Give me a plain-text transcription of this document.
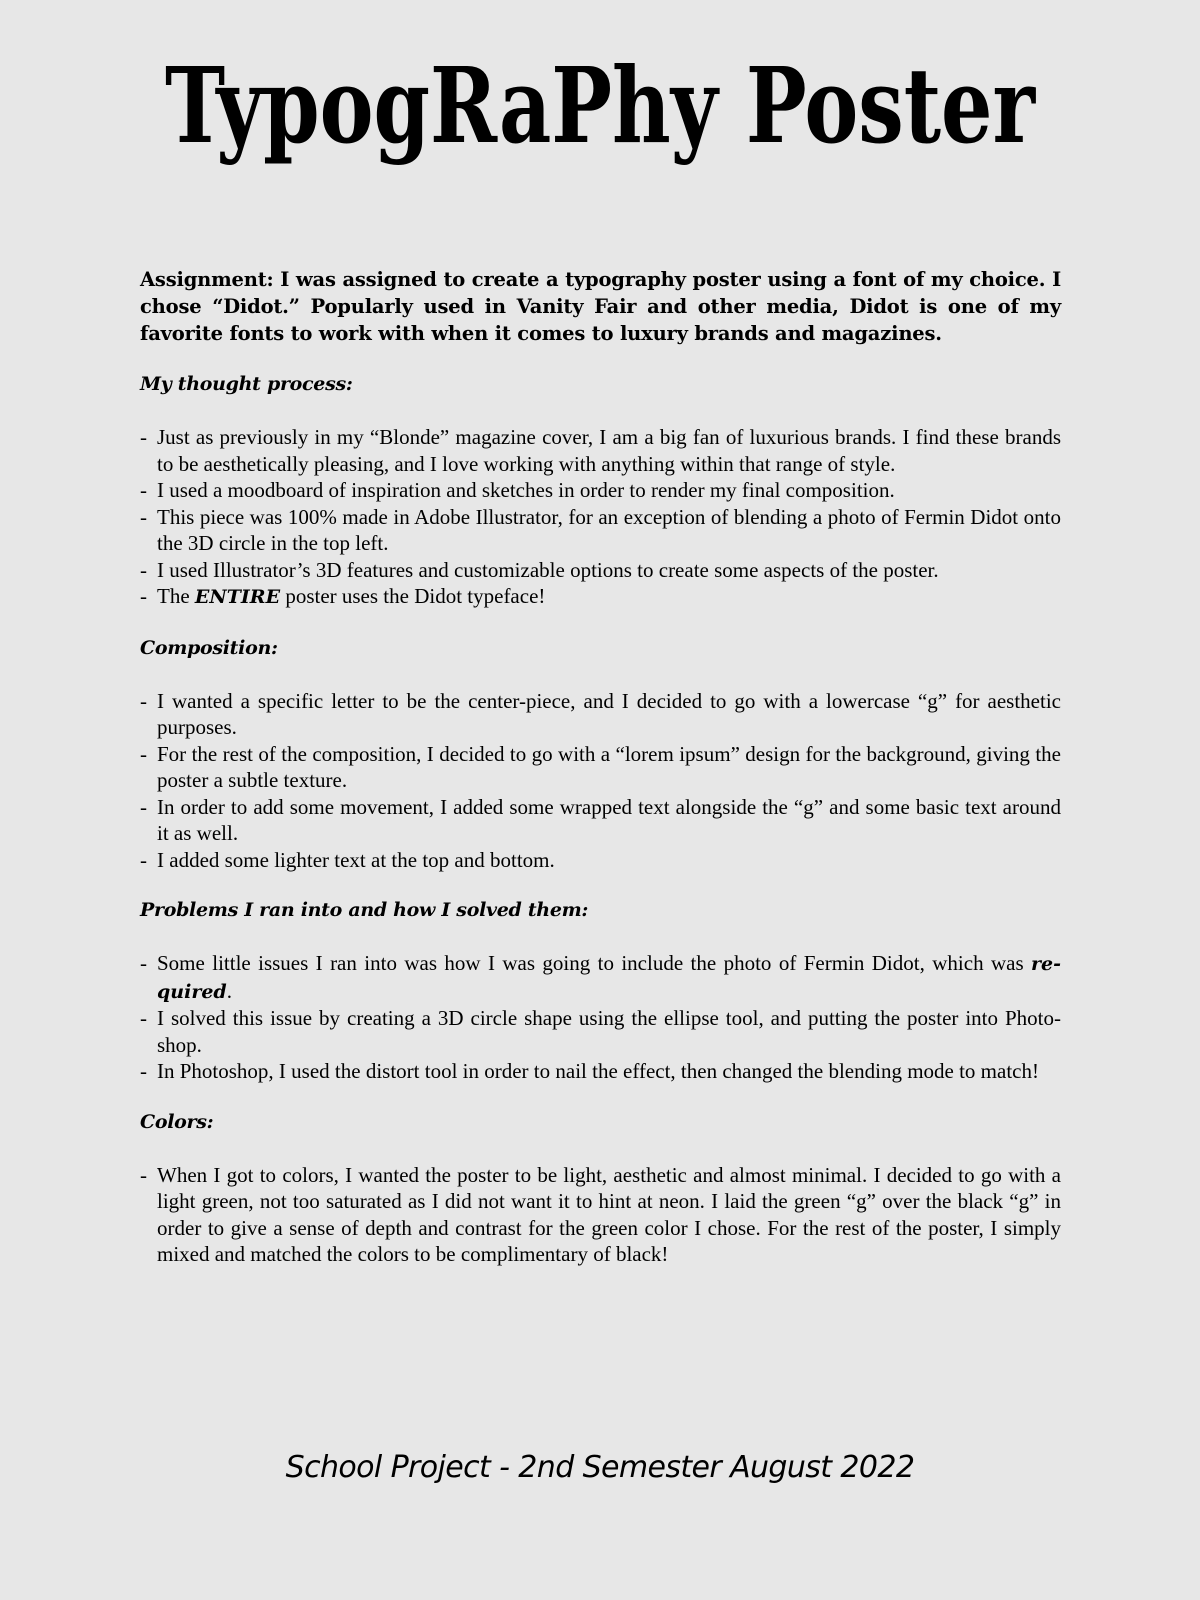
TypogRaPhy Poster

Assignment: I was assigned to create a typography poster using a font of my choice. I chose “Didot.” Popularly used in Vanity Fair and other media, Didot is one of my favorite fonts to work with when it comes to luxury brands and magazines.

My thought process:
- Just as previously in my “Blonde” magazine cover, I am a big fan of luxurious brands. I find these brands to be aesthetically pleasing, and I love working with anything within that range of style.
- I used a moodboard of inspiration and sketches in order to render my final composition.
- This piece was 100% made in Adobe Illustrator, for an exception of blending a photo of Fermin Didot onto the 3D circle in the top left.
- I used Illustrator’s 3D features and customizable options to create some aspects of the poster.
- The ENTIRE poster uses the Didot typeface!
Composition:
- I wanted a specific letter to be the center-piece, and I decided to go with a lowercase “g” for aesthetic purposes.
- For the rest of the composition, I decided to go with a “lorem ipsum” design for the background, giving the poster a subtle texture.
- In order to add some movement, I added some wrapped text alongside the “g” and some basic text around it as well.
- I added some lighter text at the top and bottom.
Problems I ran into and how I solved them:
- Some little issues I ran into was how I was going to include the photo of Fermin Didot, which was re-quired.
- I solved this issue by creating a 3D circle shape using the ellipse tool, and putting the poster into Photo-shop.
- In Photoshop, I used the distort tool in order to nail the effect, then changed the blending mode to match!
Colors:
- When I got to colors, I wanted the poster to be light, aesthetic and almost minimal. I decided to go with a light green, not too saturated as I did not want it to hint at neon. I laid the green “g” over the black “g” in order to give a sense of depth and contrast for the green color I chose. For the rest of the poster, I simply mixed and matched the colors to be complimentary of black!
School Project - 2nd Semester August 2022
